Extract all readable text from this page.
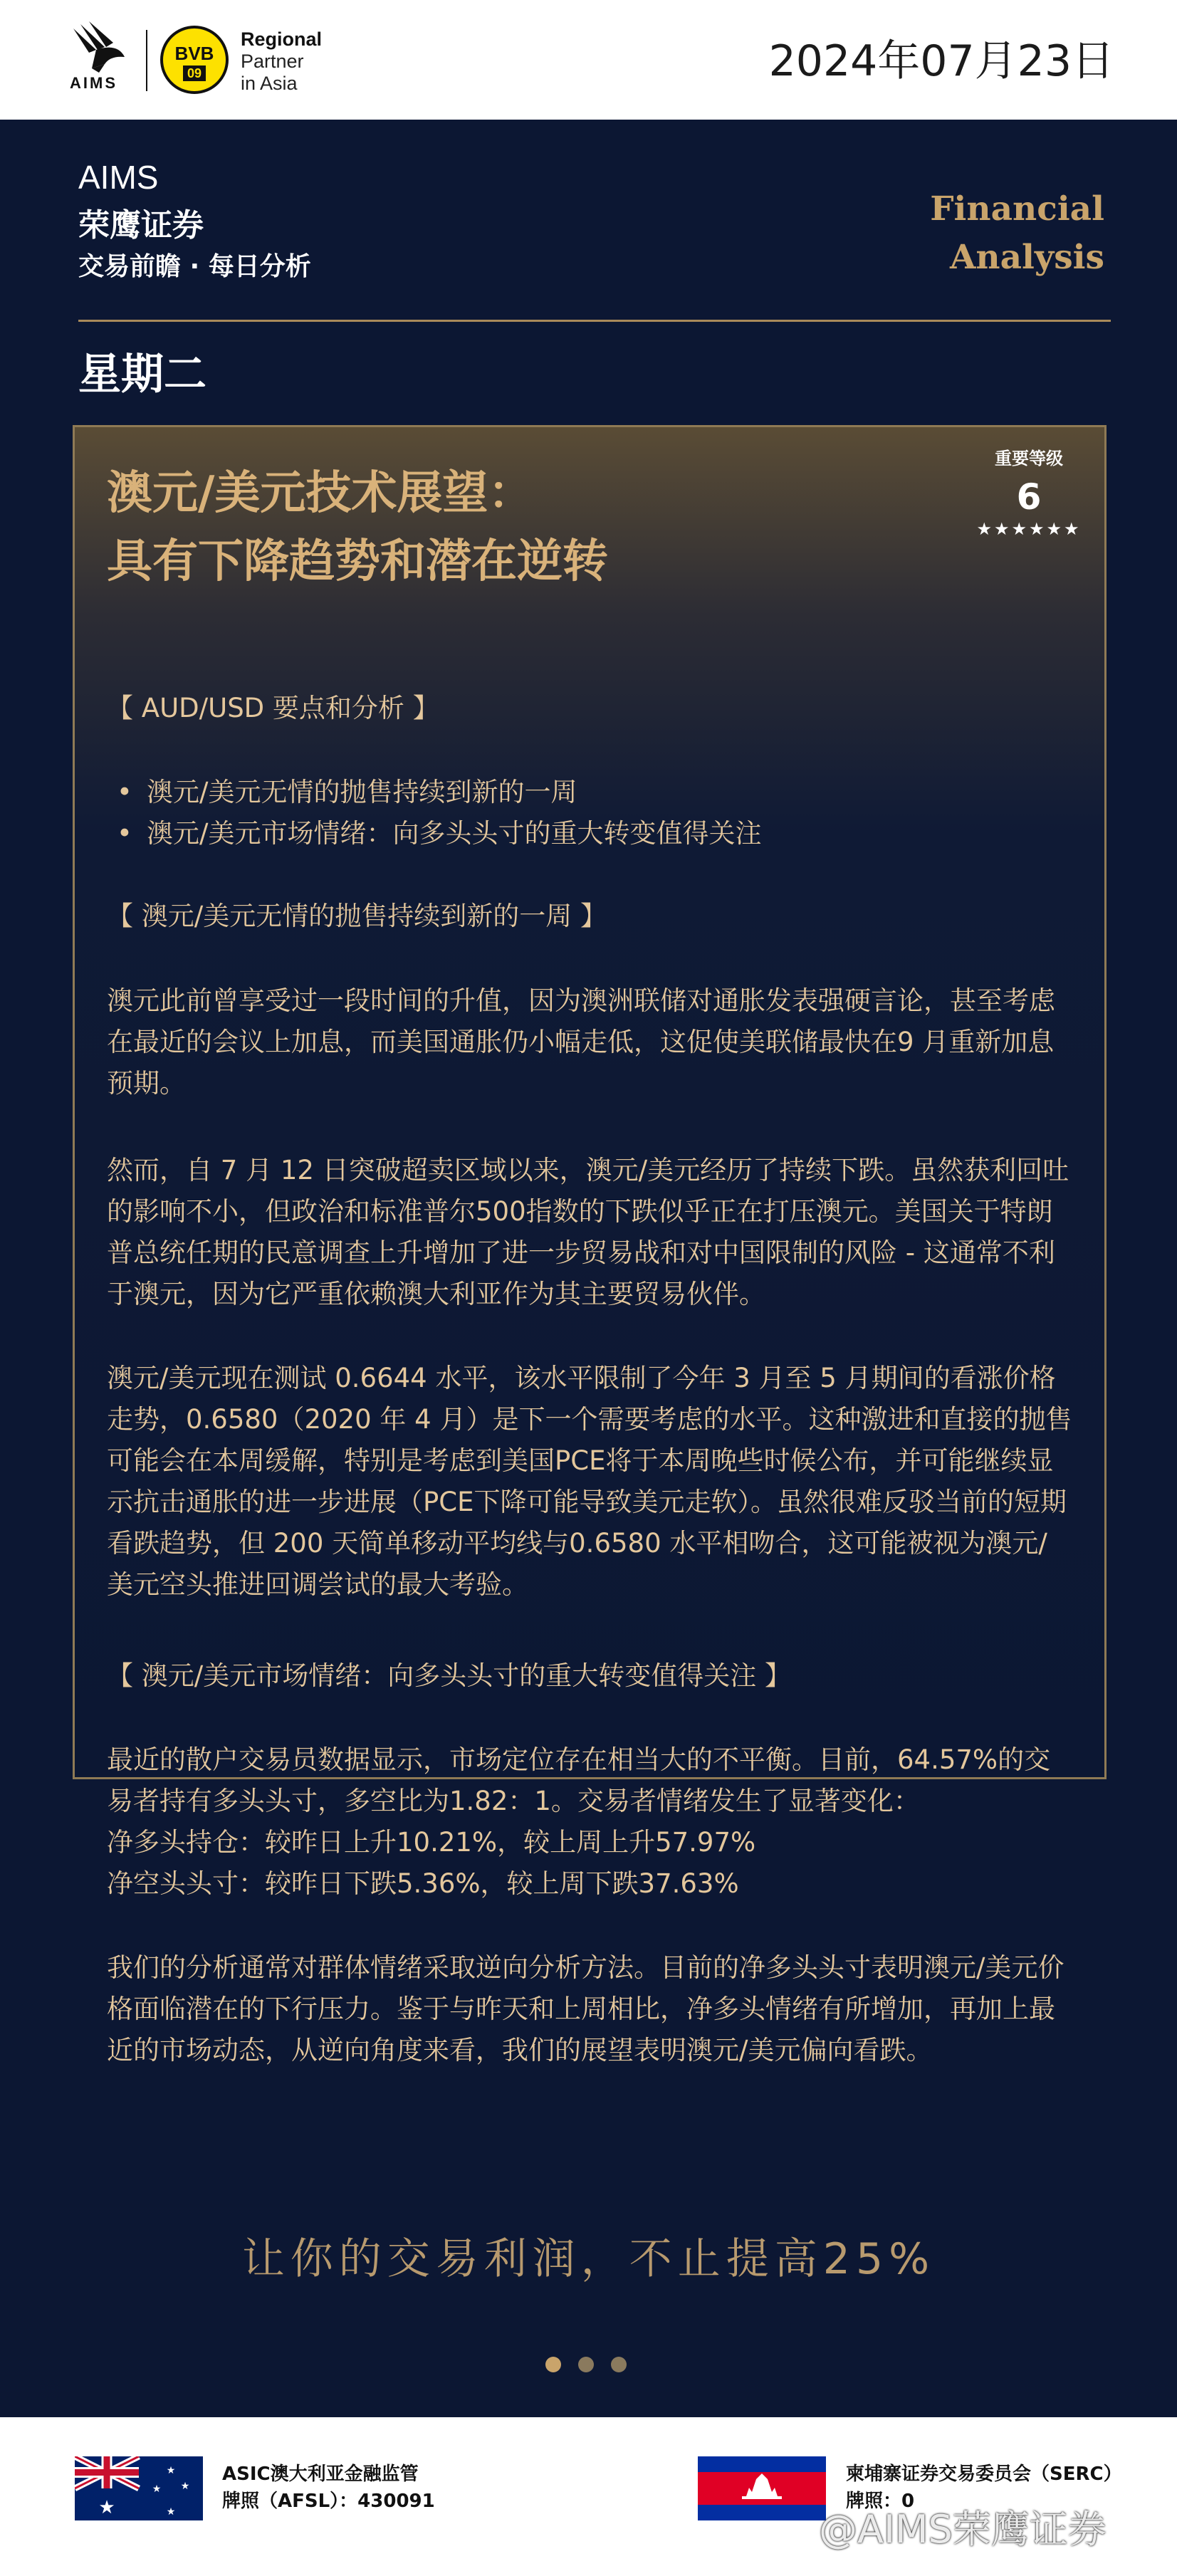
AIMS
BVB
09
Regional
Partner
in Asia	2024年07月23日
AIMS
荣鹰证券
交易前瞻 · 每日分析
Financial
Analysis
星期二
澳元/美元技术展望：
具有下降趋势和潜在逆转
重要等级
6
★★★★★★
【 AUD/USD 要点和分析 】
• 澳元/美元无情的抛售持续到新的一周
• 澳元/美元市场情绪：向多头头寸的重大转变值得关注
【 澳元/美元无情的抛售持续到新的一周 】
澳元此前曾享受过一段时间的升值，因为澳洲联储对通胀发表强硬言论，甚至考虑在最近的会议上加息，而美国通胀仍小幅走低，这促使美联储最快在9 月重新加息预期。
然而，自 7 月 12 日突破超卖区域以来，澳元/美元经历了持续下跌。虽然获利回吐的影响不小，但政治和标准普尔500指数的下跌似乎正在打压澳元。美国关于特朗普总统任期的民意调查上升增加了进一步贸易战和对中国限制的风险 - 这通常不利于澳元，因为它严重依赖澳大利亚作为其主要贸易伙伴。
澳元/美元现在测试 0.6644 水平，该水平限制了今年 3 月至 5 月期间的看涨价格走势，0.6580（2020 年 4 月）是下一个需要考虑的水平。这种激进和直接的抛售可能会在本周缓解，特别是考虑到美国PCE将于本周晚些时候公布，并可能继续显示抗击通胀的进一步进展（PCE下降可能导致美元走软）。虽然很难反驳当前的短期看跌趋势，但 200 天简单移动平均线与0.6580 水平相吻合，这可能被视为澳元/美元空头推进回调尝试的最大考验。
【 澳元/美元市场情绪：向多头头寸的重大转变值得关注 】
最近的散户交易员数据显示，市场定位存在相当大的不平衡。目前，64.57%的交易者持有多头头寸，多空比为1.82：1。交易者情绪发生了显著变化：
净多头持仓：较昨日上升10.21%，较上周上升57.97%
净空头头寸：较昨日下跌5.36%，较上周下跌37.63%
我们的分析通常对群体情绪采取逆向分析方法。目前的净多头头寸表明澳元/美元价格面临潜在的下行压力。鉴于与昨天和上周相比，净多头情绪有所增加，再加上最近的市场动态，从逆向角度来看，我们的展望表明澳元/美元偏向看跌。
让你的交易利润，不止提高25%
★
★
★ ★
★
ASIC澳大利亚金融监管
牌照（AFSL）：430091
柬埔寨证券交易委员会（SERC）
牌照：0
@AIMS荣鹰证券
